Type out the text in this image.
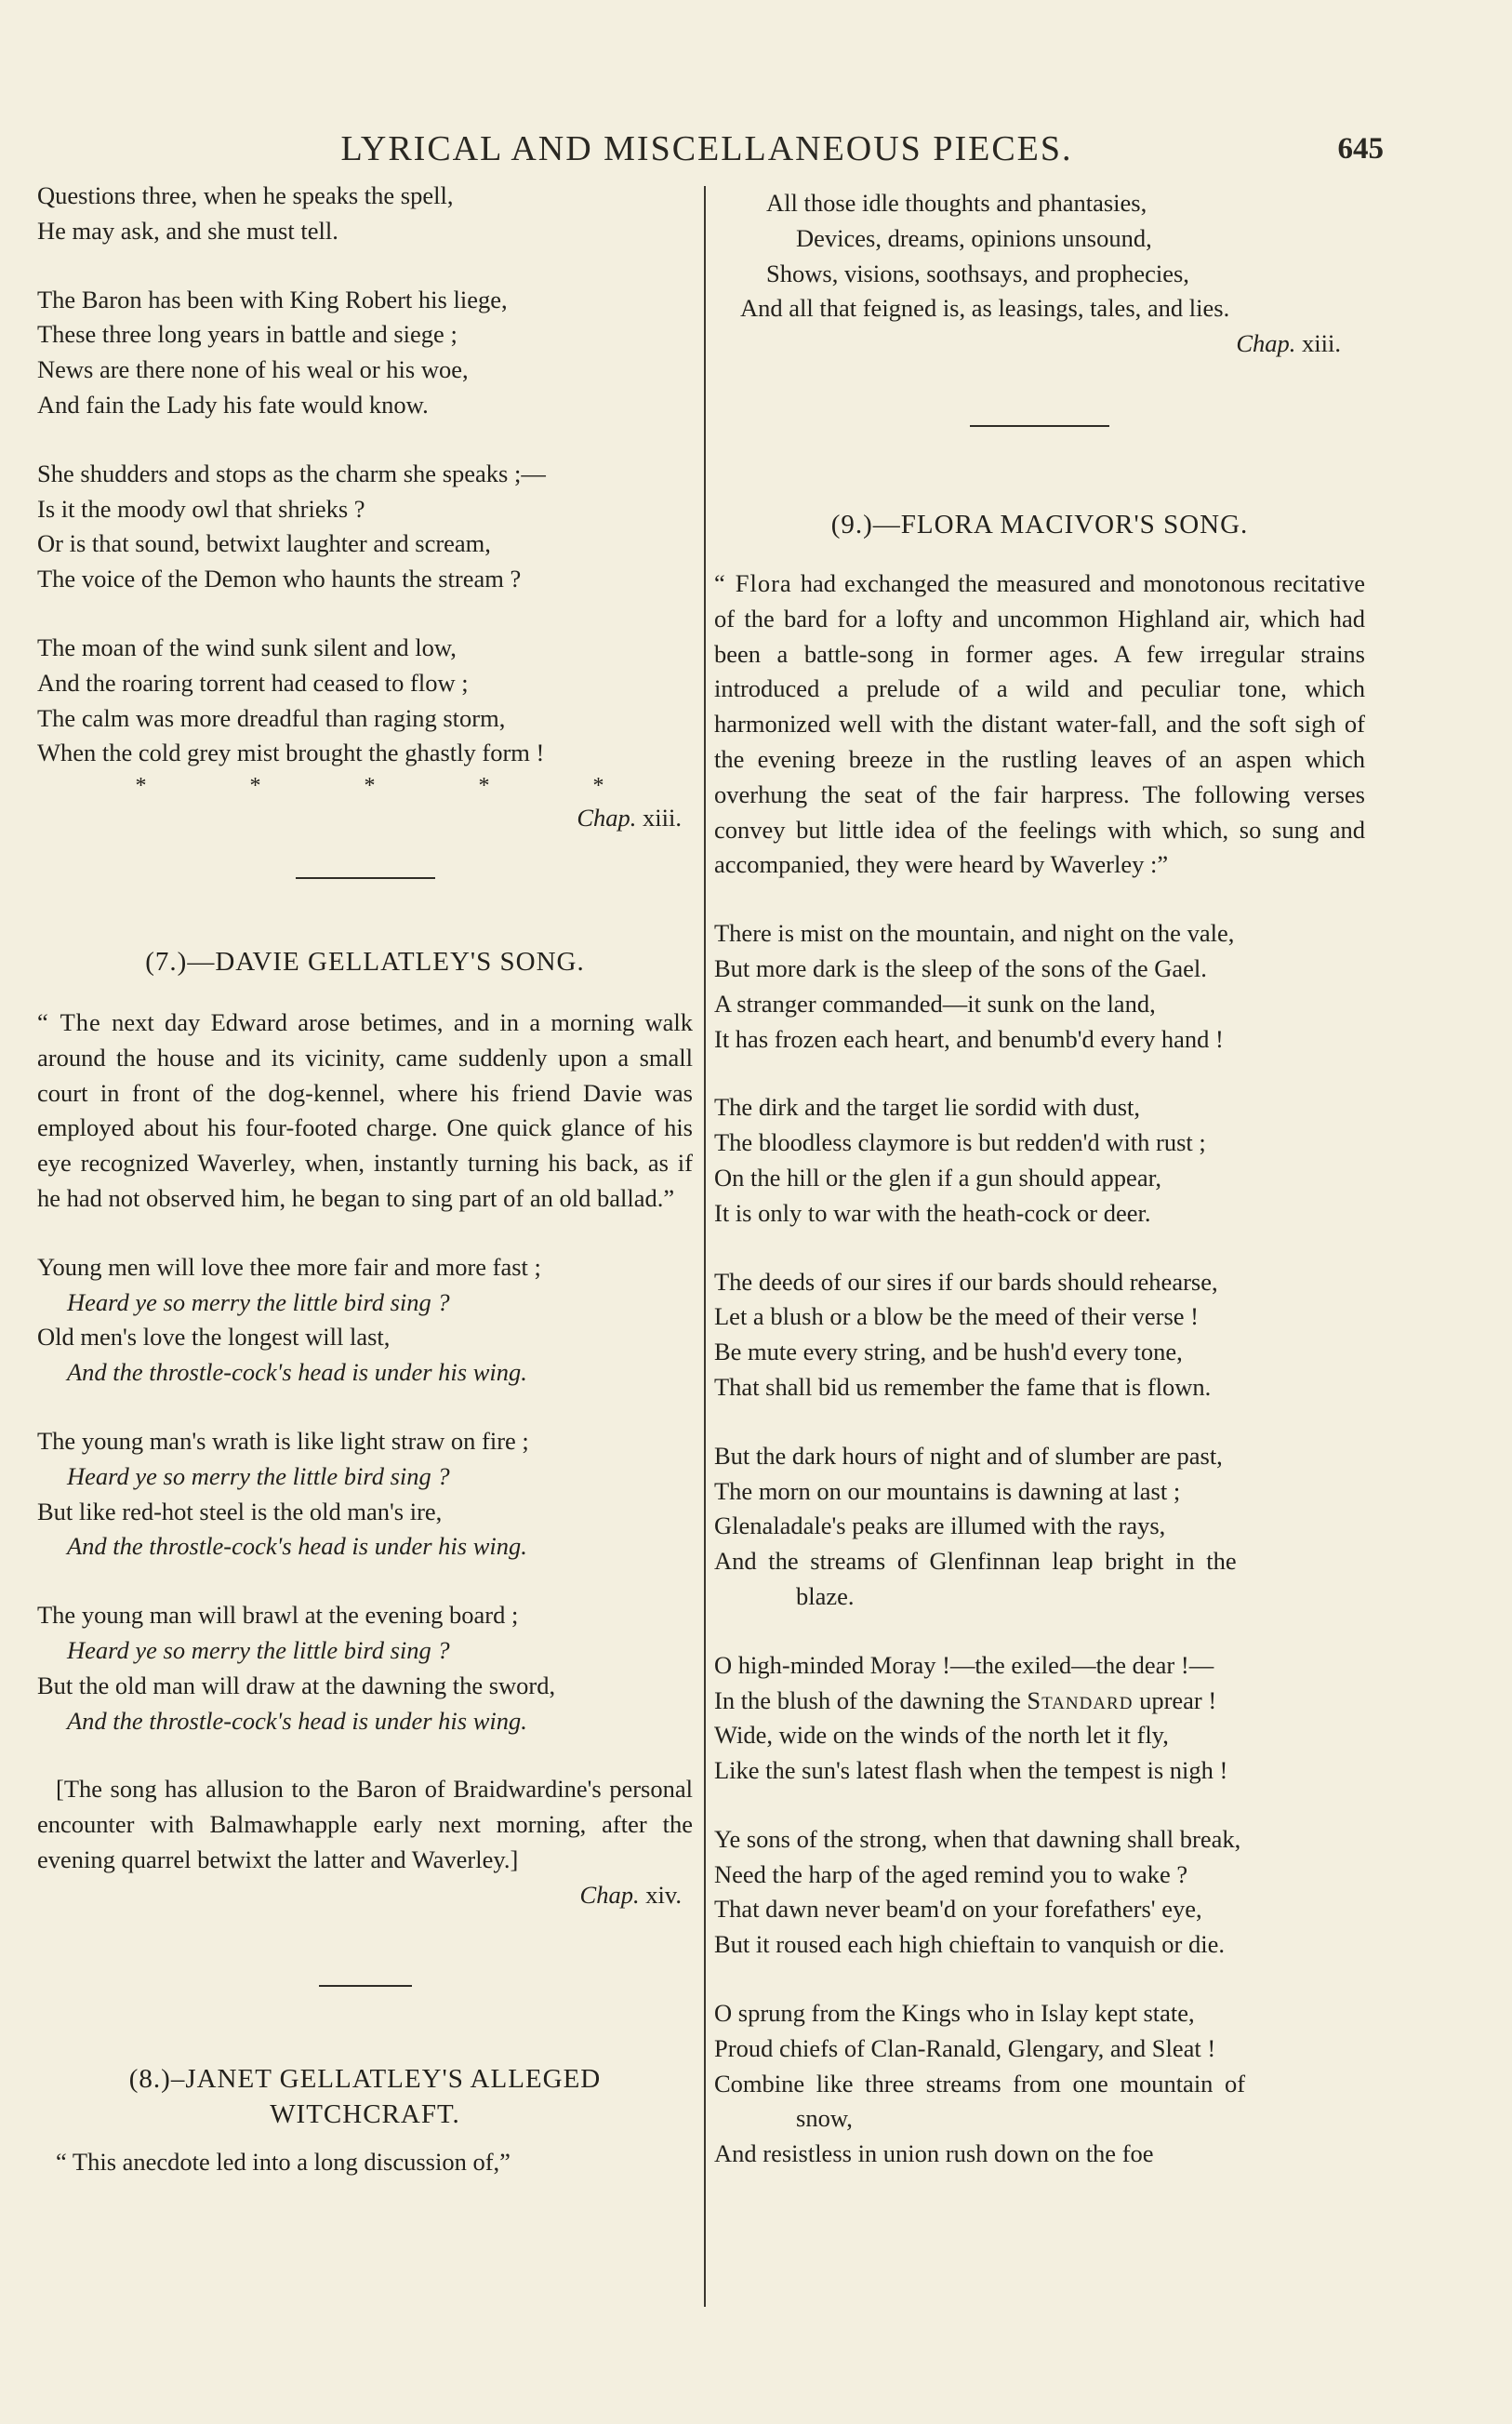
LYRICAL AND MISCELLANEOUS PIECES.	645
Questions three, when he speaks the spell,
He may ask, and she must tell.
The Baron has been with King Robert his liege,
These three long years in battle and siege ;
News are there none of his weal or his woe,
And fain the Lady his fate would know.
She shudders and stops as the charm she speaks ;—
Is it the moody owl that shrieks ?
Or is that sound, betwixt laughter and scream,
The voice of the Demon who haunts the stream ?
The moan of the wind sunk silent and low,
And the roaring torrent had ceased to flow ;
The calm was more dreadful than raging storm,
When the cold grey mist brought the ghastly form !
*	*	*	*	*
Chap. xiii.
(7.)—DAVIE GELLATLEY'S SONG.
“ The next day Edward arose betimes, and in a morning walk around the house and its vicinity, came suddenly upon a small court in front of the dog-kennel, where his friend Davie was employed about his four-footed charge. One quick glance of his eye recognized Waverley, when, instantly turning his back, as if he had not observed him, he began to sing part of an old ballad.”
Young men will love thee more fair and more fast ;
Heard ye so merry the little bird sing ?
Old men's love the longest will last,
And the throstle-cock's head is under his wing.
The young man's wrath is like light straw on fire ;
Heard ye so merry the little bird sing ?
But like red-hot steel is the old man's ire,
And the throstle-cock's head is under his wing.
The young man will brawl at the evening board ;
Heard ye so merry the little bird sing ?
But the old man will draw at the dawning the sword,
And the throstle-cock's head is under his wing.
[The song has allusion to the Baron of Braidwardine's personal encounter with Balmawhapple early next morning, after the evening quarrel betwixt the latter and Waverley.]
Chap. xiv.
(8.)–JANET GELLATLEY'S ALLEGED
WITCHCRAFT.
“ This anecdote led into a long discussion of,”
All those idle thoughts and phantasies,
Devices, dreams, opinions unsound,
Shows, visions, soothsays, and prophecies,
And all that feigned is, as leasings, tales, and lies.
Chap. xiii.
(9.)—FLORA MACIVOR'S SONG.
“ Flora had exchanged the measured and monotonous recitative of the bard for a lofty and uncommon Highland air, which had been a battle-song in former ages. A few irregular strains introduced a prelude of a wild and peculiar tone, which harmonized well with the distant water-fall, and the soft sigh of the evening breeze in the rustling leaves of an aspen which overhung the seat of the fair harpress. The following verses convey but little idea of the feelings with which, so sung and accompanied, they were heard by Waverley :”
There is mist on the mountain, and night on the vale,
But more dark is the sleep of the sons of the Gael.
A stranger commanded—it sunk on the land,
It has frozen each heart, and benumb'd every hand !
The dirk and the target lie sordid with dust,
The bloodless claymore is but redden'd with rust ;
On the hill or the glen if a gun should appear,
It is only to war with the heath-cock or deer.
The deeds of our sires if our bards should rehearse,
Let a blush or a blow be the meed of their verse !
Be mute every string, and be hush'd every tone,
That shall bid us remember the fame that is flown.
But the dark hours of night and of slumber are past,
The morn on our mountains is dawning at last ;
Glenaladale's peaks are illumed with the rays,
And the streams of Glenfinnan leap bright in the
blaze.
O high-minded Moray !—the exiled—the dear !—
In the blush of the dawning the Standard uprear !
Wide, wide on the winds of the north let it fly,
Like the sun's latest flash when the tempest is nigh !
Ye sons of the strong, when that dawning shall break,
Need the harp of the aged remind you to wake ?
That dawn never beam'd on your forefathers' eye,
But it roused each high chieftain to vanquish or die.
O sprung from the Kings who in Islay kept state,
Proud chiefs of Clan-Ranald, Glengary, and Sleat !
Combine like three streams from one mountain of
snow,
And resistless in union rush down on the foe
